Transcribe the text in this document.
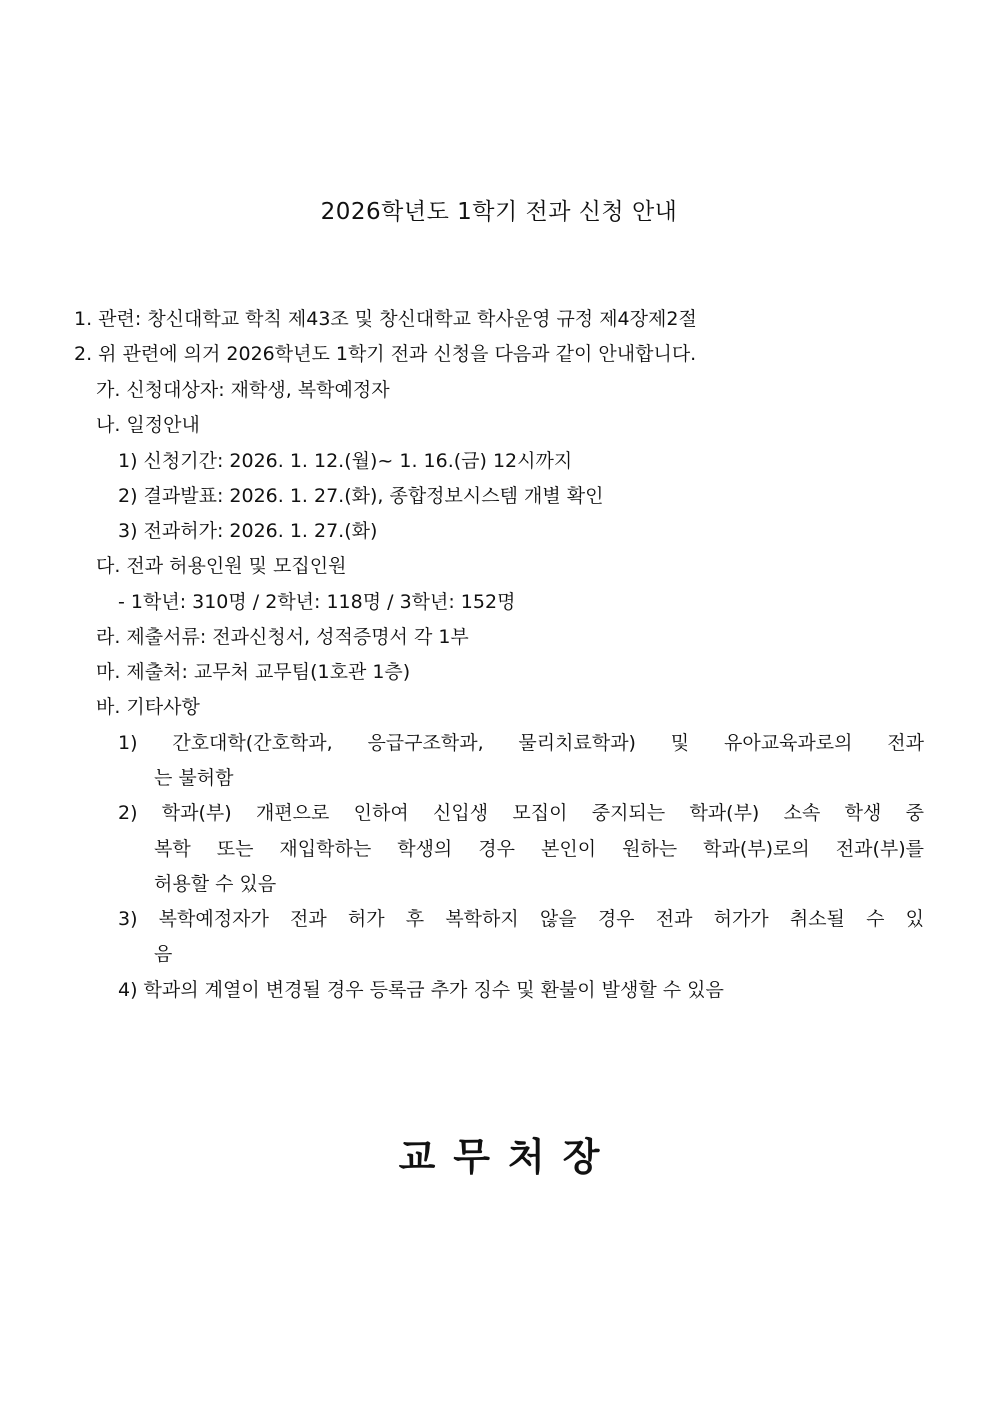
2026학년도 1학기 전과 신청 안내
1. 관련: 창신대학교 학칙 제43조 및 창신대학교 학사운영 규정 제4장제2절
2. 위 관련에 의거 2026학년도 1학기 전과 신청을 다음과 같이 안내합니다.
가. 신청대상자: 재학생, 복학예정자
나. 일정안내
1) 신청기간: 2026. 1. 12.(월)~ 1. 16.(금) 12시까지
2) 결과발표: 2026. 1. 27.(화), 종합정보시스템 개별 확인
3) 전과허가: 2026. 1. 27.(화)
다. 전과 허용인원 및 모집인원
- 1학년: 310명 / 2학년: 118명 / 3학년: 152명
라. 제출서류: 전과신청서, 성적증명서 각 1부
마. 제출처: 교무처 교무팀(1호관 1층)
바. 기타사항
1) 간호대학(간호학과, 응급구조학과, 물리치료학과) 및 유아교육과로의 전과
는 불허함
2) 학과(부) 개편으로 인하여 신입생 모집이 중지되는 학과(부) 소속 학생 중
복학 또는 재입학하는 학생의 경우 본인이 원하는 학과(부)로의 전과(부)를
허용할 수 있음
3) 복학예정자가 전과 허가 후 복학하지 않을 경우 전과 허가가 취소될 수 있
음
4) 학과의 계열이 변경될 경우 등록금 추가 징수 및 환불이 발생할 수 있음
교무처장
